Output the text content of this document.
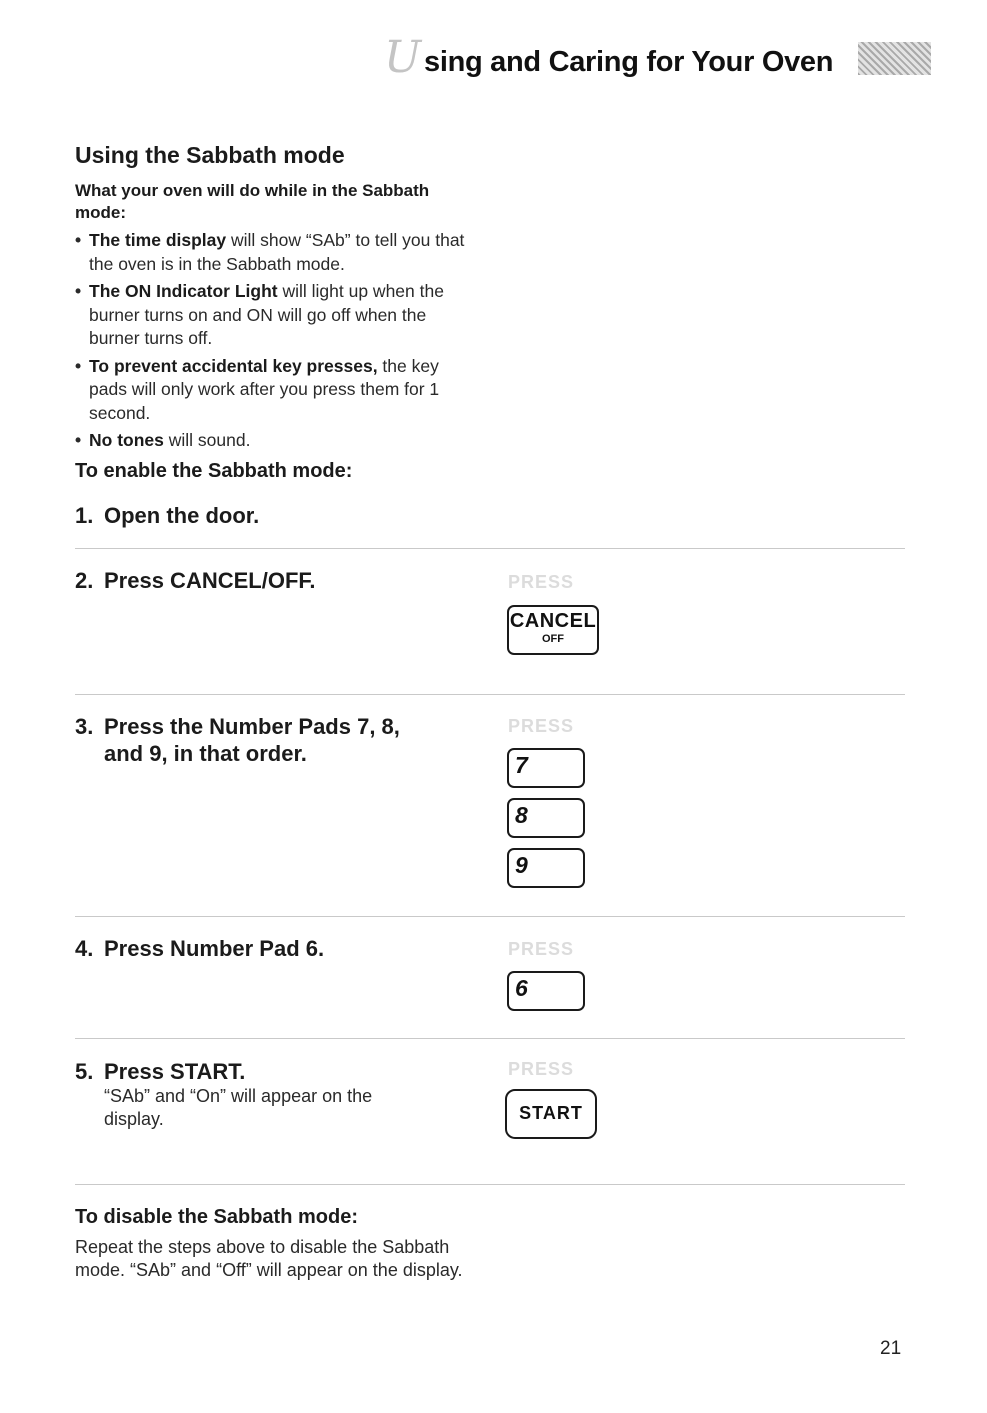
U sing and Caring for Your Oven
Using the Sabbath mode
What your oven will do while in the Sabbath mode:
• The time display will show “SAb” to tell you that the oven is in the Sabbath mode.
• The ON Indicator Light will light up when the burner turns on and ON will go off when the burner turns off.
• To prevent accidental key presses, the key pads will only work after you press them for 1 second.
• No tones will sound.
To enable the Sabbath mode:
1. Open the door.
2. Press CANCEL/OFF.	PRESS
CANCEL
OFF
3. Press the Number Pads 7, 8,
and 9, in that order.
PRESS
7
8
9
4. Press Number Pad 6.	PRESS
6
5. Press START.
“SAb” and “On” will appear on the display.
PRESS
START
To disable the Sabbath mode:
Repeat the steps above to disable the Sabbath mode. “SAb” and “Off” will appear on the display.
21
